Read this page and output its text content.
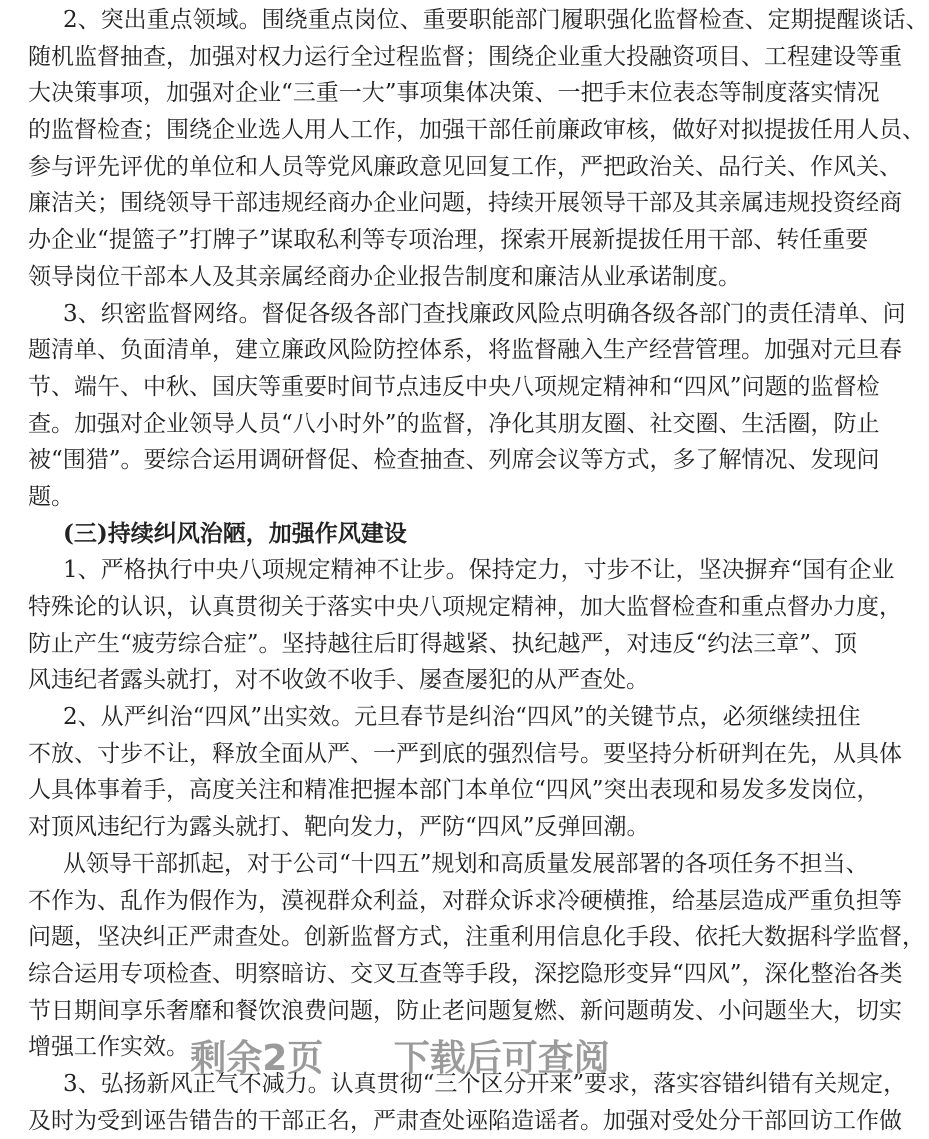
2、突出重点领域。围绕重点岗位、重要职能部门履职强化监督检查、定期提醒谈话、
随机监督抽查，加强对权力运行全过程监督；围绕企业重大投融资项目、工程建设等重
大决策事项，加强对企业“三重一大”事项集体决策、一把手末位表态等制度落实情况
的监督检查；围绕企业选人用人工作，加强干部任前廉政审核，做好对拟提拔任用人员、
参与评先评优的单位和人员等党风廉政意见回复工作，严把政治关、品行关、作风关、
廉洁关；围绕领导干部违规经商办企业问题，持续开展领导干部及其亲属违规投资经商
办企业“提篮子”打牌子”谋取私利等专项治理，探索开展新提拔任用干部、转任重要
领导岗位干部本人及其亲属经商办企业报告制度和廉洁从业承诺制度。
3、织密监督网络。督促各级各部门查找廉政风险点明确各级各部门的责任清单、问
题清单、负面清单，建立廉政风险防控体系，将监督融入生产经营管理。加强对元旦春
节、端午、中秋、国庆等重要时间节点违反中央八项规定精神和“四风”问题的监督检
查。加强对企业领导人员“八小时外”的监督，净化其朋友圈、社交圈、生活圈，防止
被“围猎”。要综合运用调研督促、检查抽查、列席会议等方式，多了解情况、发现问
题。
(三)持续纠风治陋，加强作风建设
1、严格执行中央八项规定精神不让步。保持定力，寸步不让，坚决摒弃“国有企业
特殊论的认识，认真贯彻关于落实中央八项规定精神，加大监督检查和重点督办力度，
防止产生“疲劳综合症”。坚持越往后盯得越紧、执纪越严，对违反“约法三章”、顶
风违纪者露头就打，对不收敛不收手、屡查屡犯的从严查处。
2、从严纠治“四风”出实效。元旦春节是纠治“四风”的关键节点，必须继续扭住
不放、寸步不让，释放全面从严、一严到底的强烈信号。要坚持分析研判在先，从具体
人具体事着手，高度关注和精准把握本部门本单位“四风”突出表现和易发多发岗位，
对顶风违纪行为露头就打、靶向发力，严防“四风”反弹回潮。
从领导干部抓起，对于公司“十四五”规划和高质量发展部署的各项任务不担当、
不作为、乱作为假作为，漠视群众利益，对群众诉求冷硬横推，给基层造成严重负担等
问题，坚决纠正严肃查处。创新监督方式，注重利用信息化手段、依托大数据科学监督，
综合运用专项检查、明察暗访、交叉互查等手段，深挖隐形变异“四风”，深化整治各类
节日期间享乐奢靡和餐饮浪费问题，防止老问题复燃、新问题萌发、小问题坐大，切实
增强工作实效。
3、弘扬新风正气不减力。认真贯彻“三个区分开来”要求，落实容错纠错有关规定，
及时为受到诬告错告的干部正名，严肃查处诬陷造谣者。加强对受处分干部回访工作做
剩余2页 下载后可查阅
